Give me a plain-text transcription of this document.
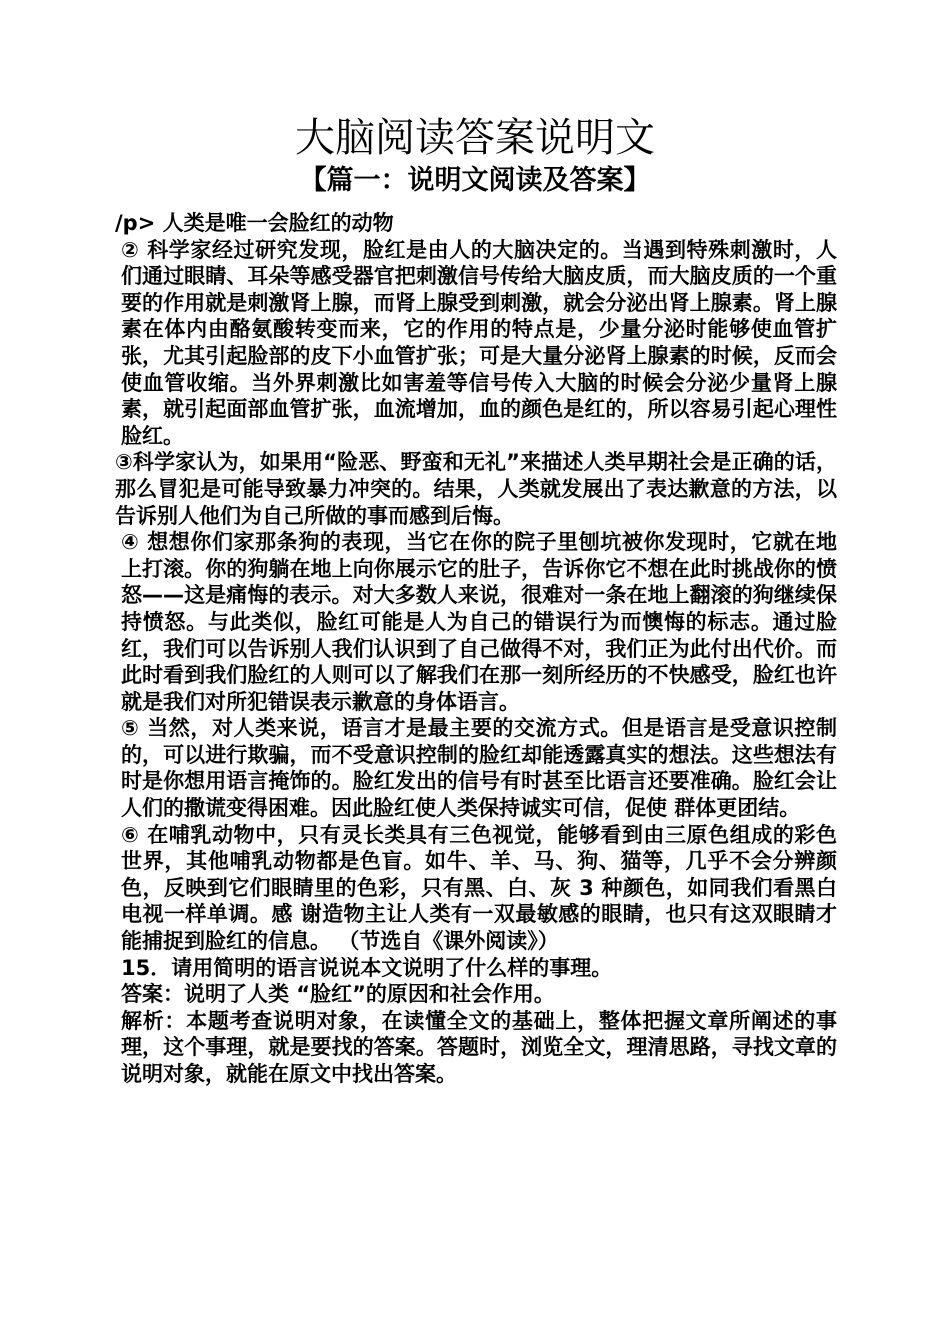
大脑阅读答案说明文
【篇一：说明文阅读及答案】

/p> 人类是唯一会脸红的动物

② 科学家经过研究发现，脸红是由人的大脑决定的。当遇到特殊刺激时，人们通过眼睛、耳朵等感受器官把刺激信号传给大脑皮质，而大脑皮质的一个重要的作用就是刺激肾上腺，而肾上腺受到刺激，就会分泌出肾上腺素。肾上腺素在体内由酪氨酸转变而来，它的作用的特点是，少量分泌时能够使血管扩张，尤其引起脸部的皮下小血管扩张；可是大量分泌肾上腺素的时候，反而会使血管收缩。当外界刺激比如害羞等信号传入大脑的时候会分泌少量肾上腺素，就引起面部血管扩张，血流增加，血的颜色是红的，所以容易引起心理性脸红。

③科学家认为，如果用“险恶、野蛮和无礼”来描述人类早期社会是正确的话，那么冒犯是可能导致暴力冲突的。结果，人类就发展出了表达歉意的方法，以告诉别人他们为自己所做的事而感到后悔。

④ 想想你们家那条狗的表现，当它在你的院子里刨坑被你发现时，它就在地上打滚。你的狗躺在地上向你展示它的肚子，告诉你它不想在此时挑战你的愤怒——这是痛悔的表示。对大多数人来说，很难对一条在地上翻滚的狗继续保持愤怒。与此类似，脸红可能是人为自己的错误行为而懊悔的标志。通过脸红，我们可以告诉别人我们认识到了自己做得不对，我们正为此付出代价。而此时看到我们脸红的人则可以了解我们在那一刻所经历的不快感受，脸红也许就是我们对所犯错误表示歉意的身体语言。

⑤ 当然，对人类来说，语言才是最主要的交流方式。但是语言是受意识控制的，可以进行欺骗，而不受意识控制的脸红却能透露真实的想法。这些想法有时是你想用语言掩饰的。脸红发出的信号有时甚至比语言还要准确。脸红会让人们的撒谎变得困难。因此脸红使人类保持诚实可信，促使 群体更团结。

⑥ 在哺乳动物中，只有灵长类具有三色视觉，能够看到由三原色组成的彩色世界，其他哺乳动物都是色盲。如牛、羊、马、狗、猫等，几乎不会分辨颜色，反映到它们眼睛里的色彩，只有黑、白、灰 3 种颜色，如同我们看黑白电视一样单调。感 谢造物主让人类有一双最敏感的眼睛，也只有这双眼睛才能捕捉到脸红的信息。 （节选自《课外阅读》）

15．请用简明的语言说说本文说明了什么样的事理。

答案：说明了人类 “脸红”的原因和社会作用。

解析：本题考查说明对象，在读懂全文的基础上，整体把握文章所阐述的事理，这个事理，就是要找的答案。答题时，浏览全文，理清思路，寻找文章的说明对象，就能在原文中找出答案。
